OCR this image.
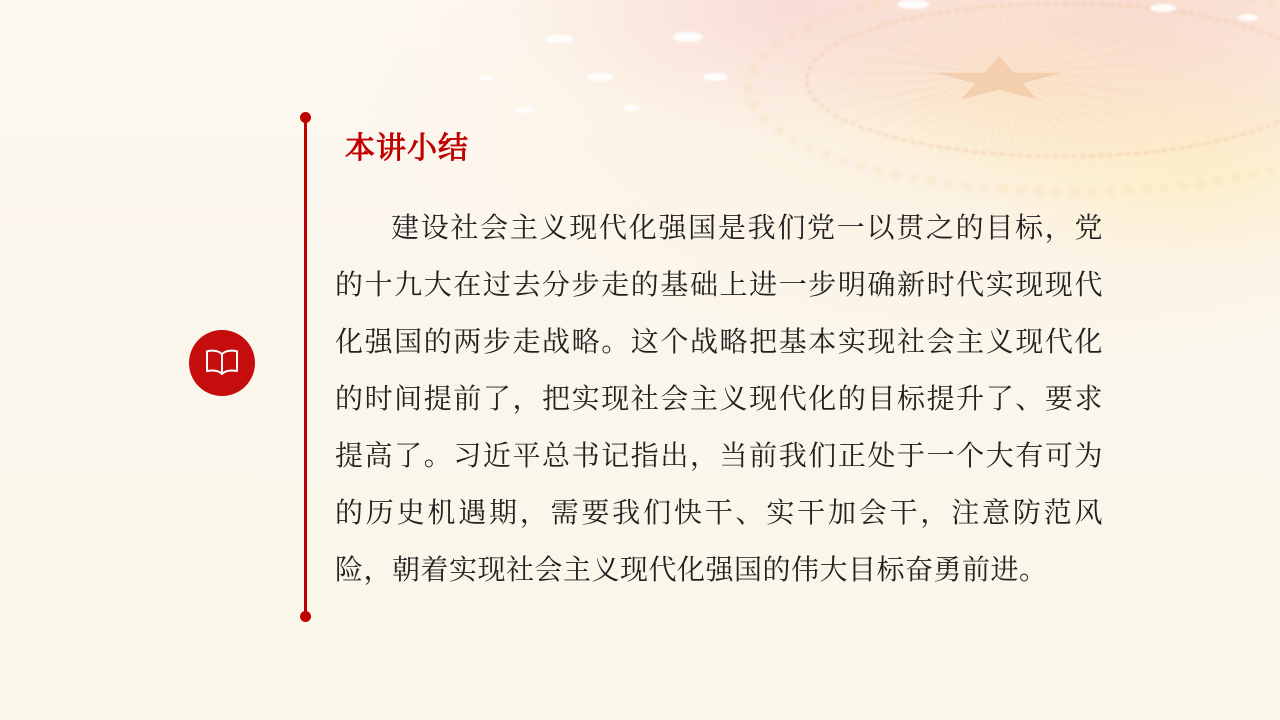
本讲小结

建设社会主义现代化强国是我们党一以贯之的目标，党的十九大在过去分步走的基础上进一步明确新时代实现现代化强国的两步走战略。这个战略把基本实现社会主义现代化的时间提前了，把实现社会主义现代化的目标提升了、要求提高了。习近平总书记指出，当前我们正处于一个大有可为的历史机遇期，需要我们快干、实干加会干，注意防范风险，朝着实现社会主义现代化强国的伟大目标奋勇前进。
